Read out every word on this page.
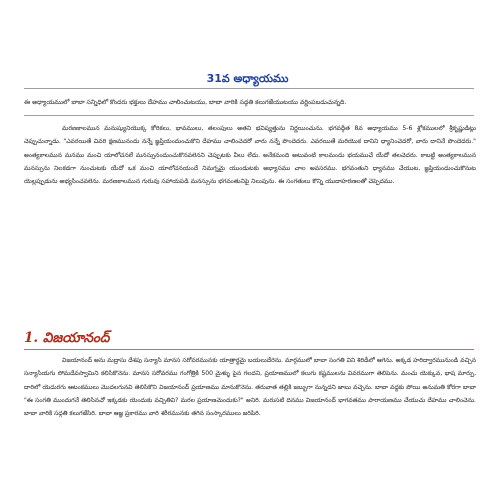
31వ అధ్యాయము

ఈ అధ్యాయములో బాబా సన్నిధిలో కొందరు భక్తులు దేహము చాలించుటయు, బాబా వారికి సద్గతి కలుగజేయుటయు వర్ణింపబడుచున్నది.

మరణకాలమున మనుష్యునియొక్క కోరికలు, భావములు, తలంపులు అతని భవిష్యత్తును నిర్ణయించును. భగవద్గీత 8వ అధ్యాయము 5-6 శ్లోకములలో శ్రీకృష్ణుడిట్లు చెప్పుచున్నాడు. "ఎవరయితే చివరి క్షణమునందు నన్నే జ్ఞప్తియందుంచుకొని దేహము చాలించెదరో వారు నన్నే పొందెదరు. ఎవరయితే మరియొక దానిని ధ్యానించెదరో, వారు దానినే పొందెదరు." అంత్యకాలమున మనము మంచి యాలోచనలే మనస్సునందుంచుకొనవలెనని చెప్పుటకు వీలు లేదు. అనేకమంది అటువంటి కాలమందు భయముచే యేదో తలచెదరు. కాబట్టి అంత్యకాలమున మనస్సును నిలకడగా నుంచుటకు యేదో ఒక మంచి యాలోచనయందే నిమగ్నమై యుండుటకు అభ్యాసము చాల అవసరము. భగవంతుని ధ్యానము చేయుట, జ్ఞప్తియందుంచుకొనుట యెల్లప్పుడును అభ్యసించవలెను. మరణకాలమున గురువు సహాయపడి మనస్సును భగవంతునిపై నిలుపును. ఈ సంగతులు కొన్ని యుదాహరణలతో చెప్పెదము.

1. విజయానంద్

విజయానంద్ అను మద్రాసు దేశపు సన్యాసి మానస సరోవరమునకు యాత్రార్థమై బయలుదేరెను. మార్గములో బాబా సంగతి విని శిరిడీలో ఆగెను. అక్కడ హరిద్వారమునుండి వచ్చిన సన్యాసియగు సోమదేవస్వామిని కలిసికొనెను. మానస సరోవరము గంగోత్రికి 500 మైళ్ళు పైన గలదని, ప్రయాణములో కలుగు కష్టములను వివరముగా తెలిపెను. మంచు యెక్కువ, భాష మార్పు, దారిలో యెదురగు ఆటంకములు మొదలగునవి తెలిసికొని విజయానంద్ ప్రయాణము మానుకొనెను. తరువాత తల్లికి జబ్బుగా నున్నదని జాబు వచ్చెను. బాబా వద్దకు పోయి అనుమతి కోరగా బాబా "ఈ సంగతి ముందుగనే తెలిసినచో ఇక్కడకు యెందుకు వచ్చితివి? మరల ప్రయాణమెందుకు?" అనిరి. మరుసటి దినము విజయానంద్ భాగవతము పారాయణము చేయుచు దేహము చాలించెను. బాబా వారికి సద్గతి కలుగజేసిరి. బాబా ఆజ్ఞ ప్రకారము వారి శరీరమునకు తగిన సంస్కారములు జరిపిరి.
